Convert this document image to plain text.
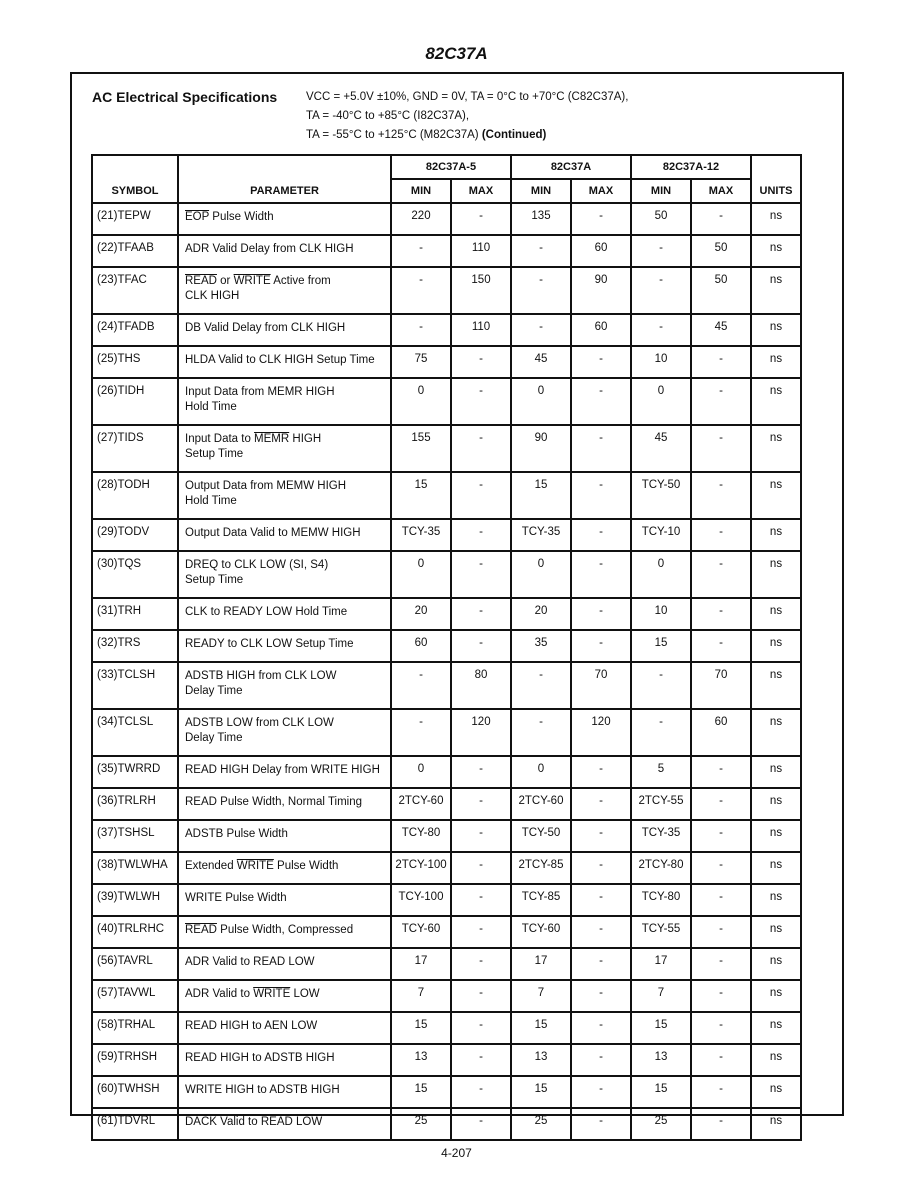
82C37A
AC Electrical Specifications	VCC = +5.0V ±10%, GND = 0V, TA = 0°C to +70°C (C82C37A),
TA = -40°C to +85°C (I82C37A),
TA = -55°C to +125°C (M82C37A) (Continued)
SYMBOL	PARAMETER	82C37A-5		82C37A		82C37A-12		UNITS
		MIN	MAX	MIN	MAX	MIN	MAX	
(21)TEPW	$\overline{EOP}$ Pulse Width	220	-	135	-	50	-	ns
(22)TFAAB	ADR Valid Delay from CLK HIGH	-	110	-	60	-	50	ns
(23)TFAC	READ or WRITE Active from
CLK HIGH	-	150	-	90	-	50	ns
(24)TFADB	DB Valid Delay from CLK HIGH	-	110	-	60	-	45	ns
(25)THS	HLDA Valid to CLK HIGH Setup Time	75	-	45	-	10	-	ns
(26)TIDH	Input Data from MEMR HIGH
Hold Time	0	-	0	-	0	-	ns
(27)TIDS	Input Data to MEMR HIGH
Setup Time	155	-	90	-	45	-	ns
(28)TODH	Output Data from MEMW HIGH
Hold Time	15	-	15	-	TCY-50	-	ns
(29)TODV	Output Data Valid to MEMW HIGH	TCY-35	-	TCY-35	-	TCY-10	-	ns
(30)TQS	DREQ to CLK LOW (SI, S4)
Setup Time	0	-	0	-	0	-	ns
(31)TRH	CLK to READY LOW Hold Time	20	-	20	-	10	-	ns
(32)TRS	READY to CLK LOW Setup Time	60	-	35	-	15	-	ns
(33)TCLSH	ADSTB HIGH from CLK LOW
Delay Time	-	80	-	70	-	70	ns
(34)TCLSL	ADSTB LOW from CLK LOW
Delay Time	-	120	-	120	-	60	ns
(35)TWRRD	READ HIGH Delay from WRITE HIGH	0	-	0	-	5	-	ns
(36)TRLRH	READ Pulse Width, Normal Timing	2TCY-60	-	2TCY-60	-	2TCY-55	-	ns
(37)TSHSL	ADSTB Pulse Width	TCY-80	-	TCY-50	-	TCY-35	-	ns
(38)TWLWHA	Extended WRITE Pulse Width	2TCY-100	-	2TCY-85	-	2TCY-80	-	ns
(39)TWLWH	WRITE Pulse Width	TCY-100	-	TCY-85	-	TCY-80	-	ns
(40)TRLRHC	READ Pulse Width, Compressed	TCY-60	-	TCY-60	-	TCY-55	-	ns
(56)TAVRL	ADR Valid to READ LOW	17	-	17	-	17	-	ns
(57)TAVWL	ADR Valid to WRITE LOW	7	-	7	-	7	-	ns
(58)TRHAL	READ HIGH to AEN LOW	15	-	15	-	15	-	ns
(59)TRHSH	READ HIGH to ADSTB HIGH	13	-	13	-	13	-	ns
(60)TWHSH	WRITE HIGH to ADSTB HIGH	15	-	15	-	15	-	ns
(61)TDVRL	DACK Valid to READ LOW	25	-	25	-	25	-	ns
4-207
